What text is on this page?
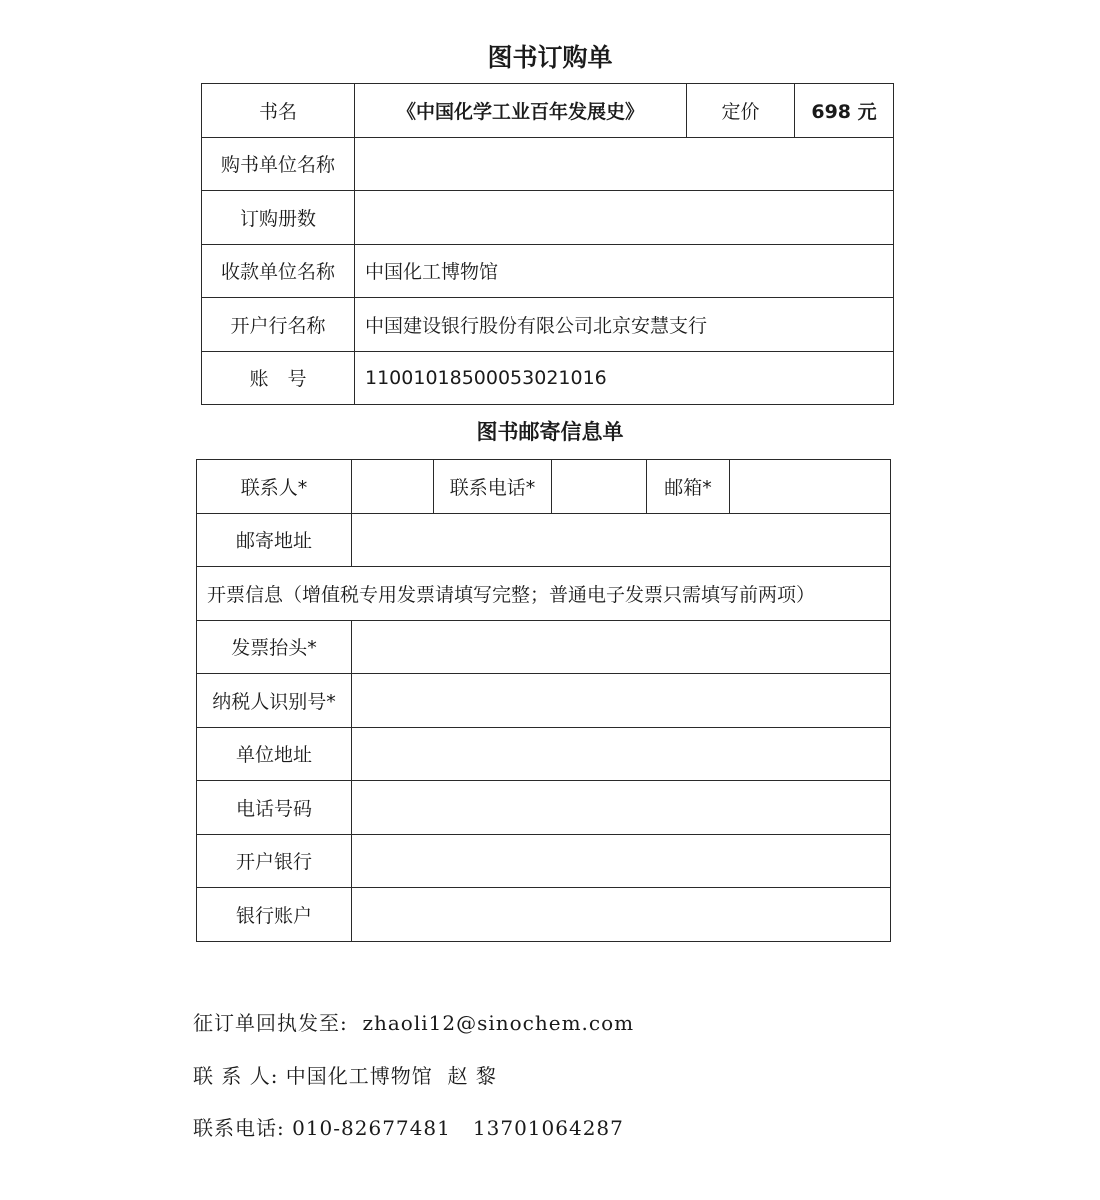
图书订购单
书名	《中国化学工业百年发展史》	定价	698 元
购书单位名称			
订购册数			
收款单位名称	中国化工博物馆		
开户行名称	中国建设银行股份有限公司北京安慧支行		
账　号	11001018500053021016		
图书邮寄信息单
联系人*		联系电话*		邮箱*	
邮寄地址					
开票信息（增值税专用发票请填写完整；普通电子发票只需填写前两项）					
发票抬头*					
纳税人识别号*					
单位地址					
电话号码					
开户银行					
银行账户					
征订单回执发至:  zhaoli12@sinochem.com
联 系 人: 中国化工博物馆  赵 黎
联系电话: 010-82677481   13701064287
